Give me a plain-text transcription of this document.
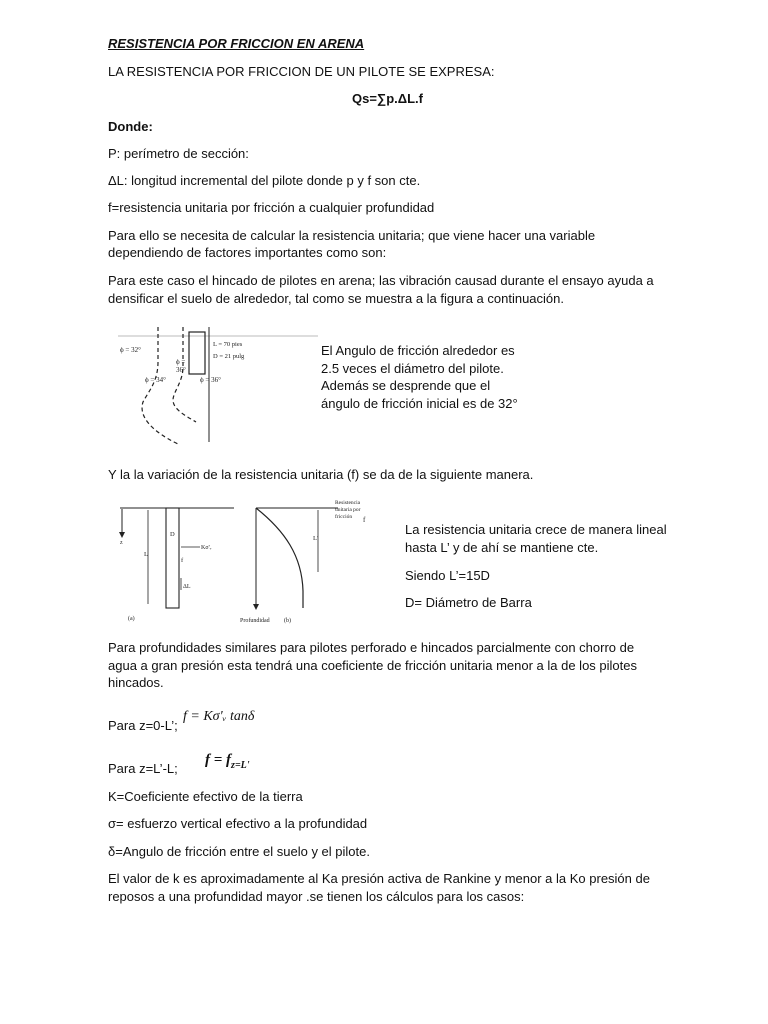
RESISTENCIA POR FRICCION EN ARENA
LA RESISTENCIA POR FRICCION DE UN PILOTE SE EXPRESA:
Qs=∑p.ΔL.f
Donde:
P: perímetro de sección:
ΔL: longitud incremental del pilote donde p y f son cte.
f=resistencia unitaria por fricción a cualquier profundidad
Para ello se necesita de calcular la resistencia unitaria; que viene hacer una variable
dependiendo de factores importantes como son:
Para este caso el hincado de pilotes en arena; las vibración causad durante el ensayo ayuda a
densificar el suelo de alrededor, tal como se muestra a la figura a continuación.
ϕ = 32°
ϕ = 34°
ϕ =
36°
ϕ = 36°
L = 70 pies
D = 21 pulg	El Angulo de fricción alrededor es
2.5 veces el diámetro del pilote.
Además se desprende que el
ángulo de fricción inicial es de 32°
Y la la variación de la resistencia unitaria (f) se da de la siguiente manera.
z
L
D
Kσ'ᵥ
f
ΔL
(a)
L'
Resistencia
unitaria por
fricción f
Profundidad (b)
La resistencia unitaria crece de manera lineal
hasta L’ y de ahí se mantiene cte.
Siendo L’=15D
D= Diámetro de Barra
Para profundidades similares para pilotes perforado e hincados parcialmente con chorro de
agua a gran presión esta tendrá una coeficiente de fricción unitaria menor a la de los pilotes
hincados.
Para z=0-L’;
f = Kσ'ᵥ tanδ
Para z=L’-L;
$f = f_{z=L'}$
K=Coeficiente efectivo de la tierra
σ= esfuerzo vertical efectivo a la profundidad
δ=Angulo de fricción entre el suelo y el pilote.
El valor de k es aproximadamente al Ka presión activa de Rankine y menor a la Ko presión de
reposos a una profundidad mayor .se tienen los cálculos para los casos:
